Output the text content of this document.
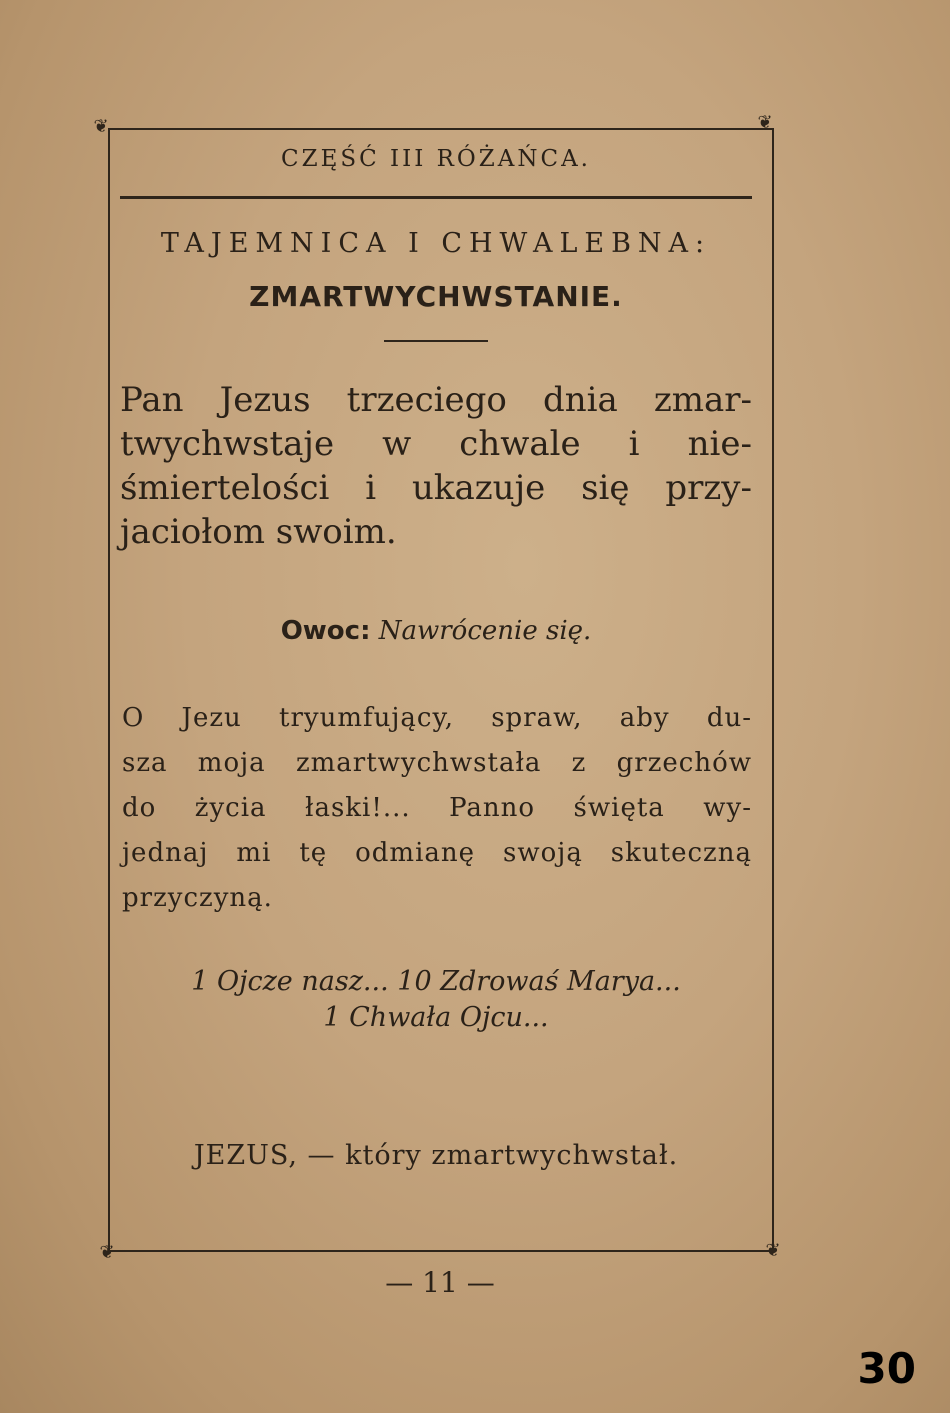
❦	❦
❦	❦

CZĘŚĆ III RÓŻAŃCA.

TAJEMNICA I CHWALEBNA:

ZMARTWYCHWSTANIE.

Pan Jezus trzeciego dnia zmar-

twychwstaje w chwale i nie-

śmiertelości i ukazuje się przy-

jaciołom swoim.

Owoc: Nawrócenie się.

O Jezu tryumfujący, spraw, aby du-

sza moja zmartwychwstała z grzechów

do życia łaski!... Panno święta wy-

jednaj mi tę odmianę swoją skuteczną

przyczyną.

1 Ojcze nasz... 10 Zdrowaś Marya...

1 Chwała Ojcu...

JEZUS, — który zmartwychwstał.

— 11 —

30
